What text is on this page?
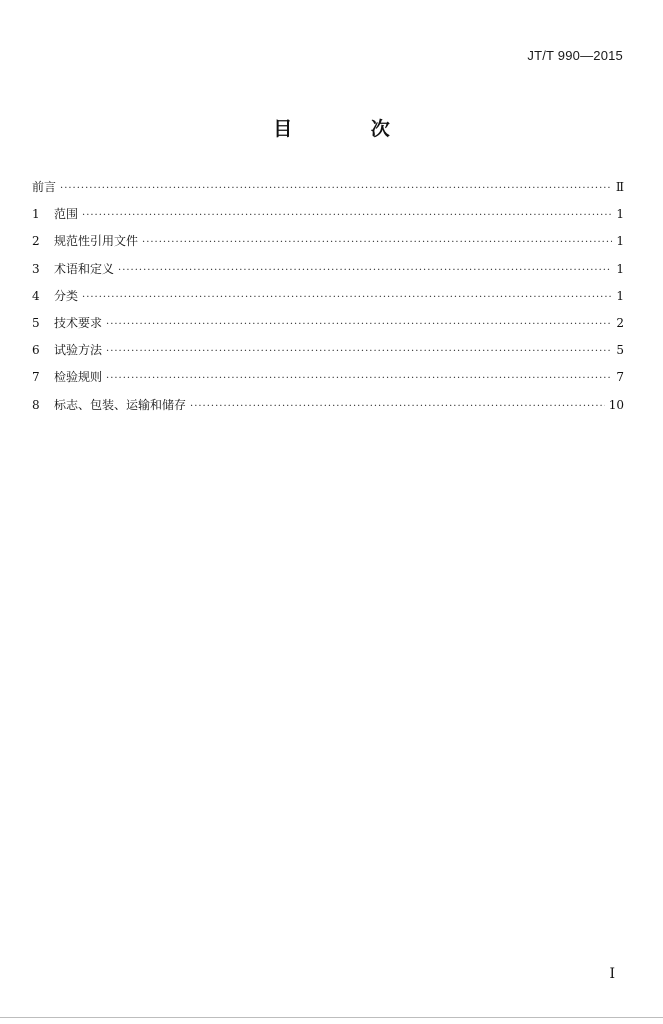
JT/T 990—2015
目 次
前言 ·····	Ⅱ
1	范围 ·····	1
2	规范性引用文件 ·····	1
3	术语和定义 ·····	1
4	分类 ·····	1
5	技术要求 ·····	2
6	试验方法 ·····	5
7	检验规则 ·····	7
8	标志、包装、运输和储存 ·····	10
Ⅰ
